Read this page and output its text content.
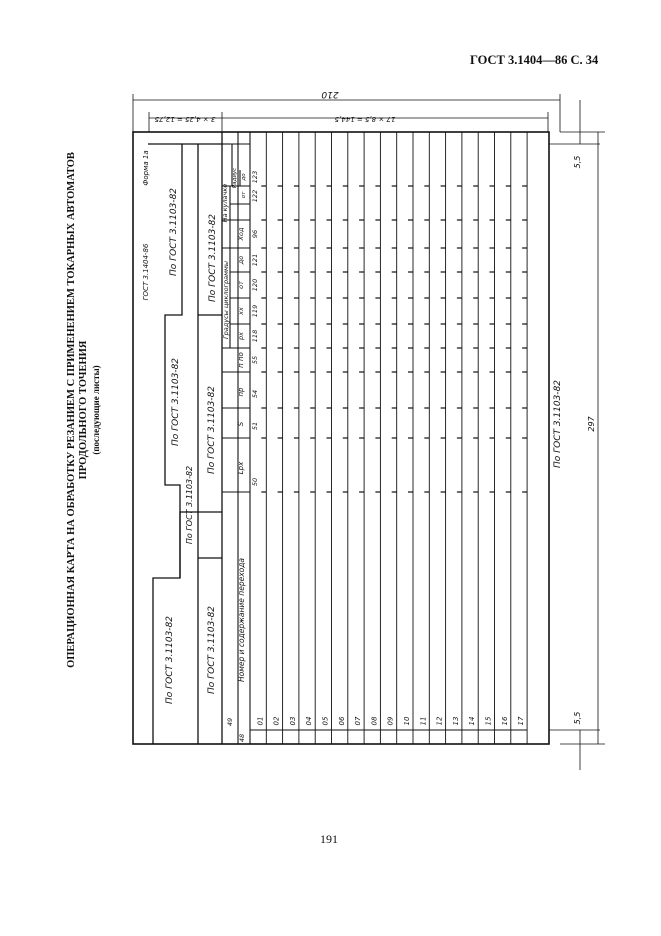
ГОСТ 3.1404—86 С. 34
ОПЕРАЦИОННАЯ КАРТА НА ОБРАБОТКУ РЕЗАНИЕМ С ПРИМЕНЕНИЕМ ТОКАРНЫХ АВТОМАТОВ ПРОДОЛЬНОГО ТОЧЕНИЯ (последующие листы)
210
17 × 8,5 = 144,5
3 × 4,25 = 12,75
297
5,5
5,5
По ГОСТ 3.1103-82	По ГОСТ 3.1103-82
По ГОСТ 3.1103-82
По ГОСТ 3.1103-82
По ГОСТ 3.1103-82
По ГОСТ 3.1103-82
По ГОСТ 3.1103-82
ГОСТ 3.1404-86
Форма 1а
По ГОСТ 3.1103-82
Номер и содержание перехода
Lрх
S
пр
п по
Градусы циклограммы рх
хх
от
до
Ход
На кулачке
Радиус
от
до
48
49
50
51
54
55
118
119
120
121
96
122
123
01 02 03 04 05 06 07 08 09 10 11 12 13 14 15 16 17
191
